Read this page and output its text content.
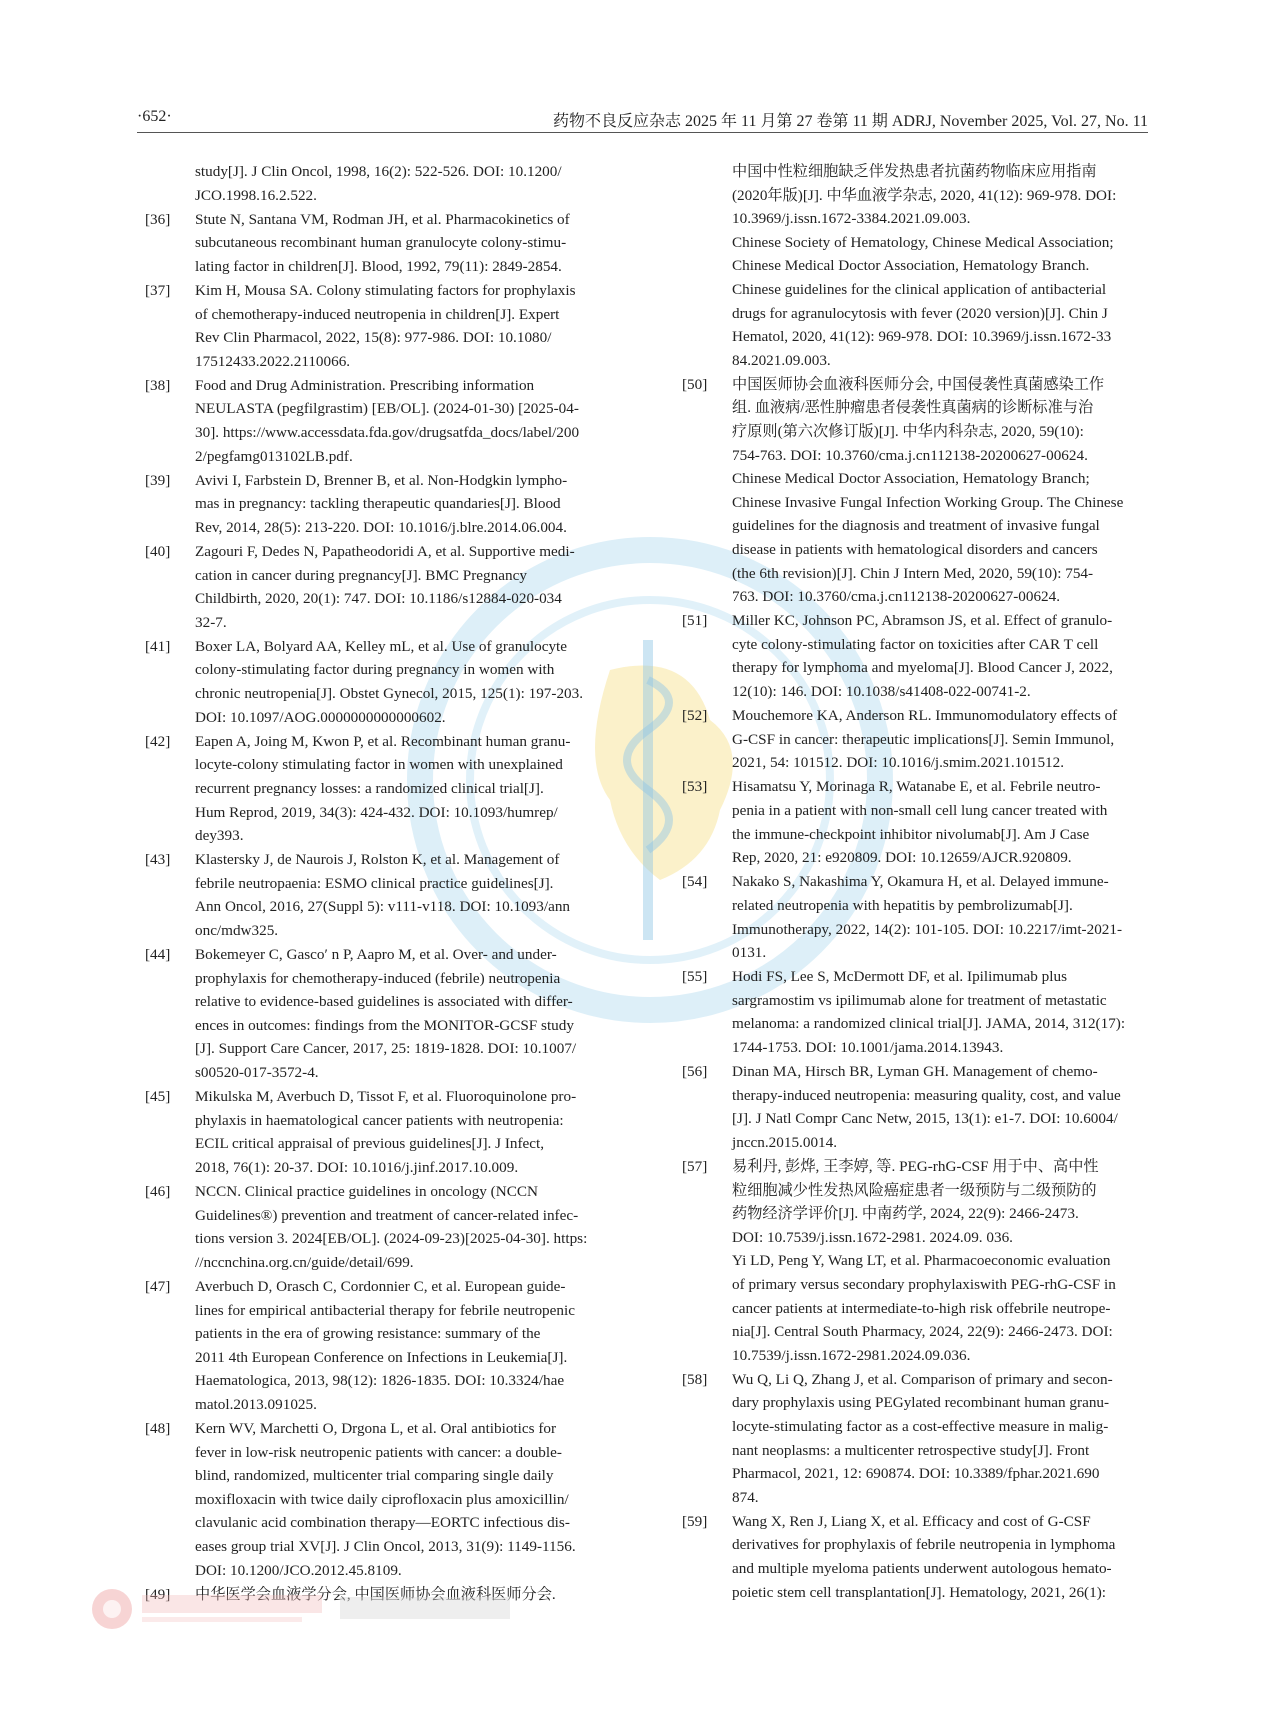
·652·	药物不良反应杂志 2025 年 11 月第 27 卷第 11 期 ADRJ, November 2025, Vol. 27, No. 11
study[J]. J Clin Oncol, 1998, 16(2): 522-526. DOI: 10.1200/
JCO.1998.16.2.522.
[36] Stute N, Santana VM, Rodman JH, et al. Pharmacokinetics of
subcutaneous recombinant human granulocyte colony-stimu-
lating factor in children[J]. Blood, 1992, 79(11): 2849-2854.
[37] Kim H, Mousa SA. Colony stimulating factors for prophylaxis
of chemotherapy-induced neutropenia in children[J]. Expert
Rev Clin Pharmacol, 2022, 15(8): 977-986. DOI: 10.1080/
17512433.2022.2110066.
[38] Food and Drug Administration. Prescribing information
NEULASTA (pegfilgrastim) [EB/OL]. (2024-01-30) [2025-04-
30]. https://www.accessdata.fda.gov/drugsatfda_docs/label/200
2/pegfamg013102LB.pdf.
[39] Avivi I, Farbstein D, Brenner B, et al. Non-Hodgkin lympho-
mas in pregnancy: tackling therapeutic quandaries[J]. Blood
Rev, 2014, 28(5): 213-220. DOI: 10.1016/j.blre.2014.06.004.
[40] Zagouri F, Dedes N, Papatheodoridi A, et al. Supportive medi-
cation in cancer during pregnancy[J]. BMC Pregnancy
Childbirth, 2020, 20(1): 747. DOI: 10.1186/s12884-020-034
32-7.
[41] Boxer LA, Bolyard AA, Kelley mL, et al. Use of granulocyte
colony-stimulating factor during pregnancy in women with
chronic neutropenia[J]. Obstet Gynecol, 2015, 125(1): 197-203.
DOI: 10.1097/AOG.0000000000000602.
[42] Eapen A, Joing M, Kwon P, et al. Recombinant human granu-
locyte-colony stimulating factor in women with unexplained
recurrent pregnancy losses: a randomized clinical trial[J].
Hum Reprod, 2019, 34(3): 424-432. DOI: 10.1093/humrep/
dey393.
[43] Klastersky J, de Naurois J, Rolston K, et al. Management of
febrile neutropaenia: ESMO clinical practice guidelines[J].
Ann Oncol, 2016, 27(Suppl 5): v111-v118. DOI: 10.1093/ann
onc/mdw325.
[44] Bokemeyer C, Gasco′ n P, Aapro M, et al. Over- and under-
prophylaxis for chemotherapy-induced (febrile) neutropenia
relative to evidence-based guidelines is associated with differ-
ences in outcomes: findings from the MONITOR-GCSF study
[J]. Support Care Cancer, 2017, 25: 1819-1828. DOI: 10.1007/
s00520-017-3572-4.
[45] Mikulska M, Averbuch D, Tissot F, et al. Fluoroquinolone pro-
phylaxis in haematological cancer patients with neutropenia:
ECIL critical appraisal of previous guidelines[J]. J Infect,
2018, 76(1): 20-37. DOI: 10.1016/j.jinf.2017.10.009.
[46] NCCN. Clinical practice guidelines in oncology (NCCN
Guidelines®) prevention and treatment of cancer-related infec-
tions version 3. 2024[EB/OL]. (2024-09-23)[2025-04-30]. https:
//nccnchina.org.cn/guide/detail/699.
[47] Averbuch D, Orasch C, Cordonnier C, et al. European guide-
lines for empirical antibacterial therapy for febrile neutropenic
patients in the era of growing resistance: summary of the
2011 4th European Conference on Infections in Leukemia[J].
Haematologica, 2013, 98(12): 1826-1835. DOI: 10.3324/hae
matol.2013.091025.
[48] Kern WV, Marchetti O, Drgona L, et al. Oral antibiotics for
fever in low-risk neutropenic patients with cancer: a double-
blind, randomized, multicenter trial comparing single daily
moxifloxacin with twice daily ciprofloxacin plus amoxicillin/
clavulanic acid combination therapy—EORTC infectious dis-
eases group trial XV[J]. J Clin Oncol, 2013, 31(9): 1149-1156.
DOI: 10.1200/JCO.2012.45.8109.
[49] 中华医学会血液学分会, 中国医师协会血液科医师分会.
中国中性粒细胞缺乏伴发热患者抗菌药物临床应用指南
(2020年版)[J]. 中华血液学杂志, 2020, 41(12): 969-978. DOI:
10.3969/j.issn.1672-3384.2021.09.003.
Chinese Society of Hematology, Chinese Medical Association;
Chinese Medical Doctor Association, Hematology Branch.
Chinese guidelines for the clinical application of antibacterial
drugs for agranulocytosis with fever (2020 version)[J]. Chin J
Hematol, 2020, 41(12): 969-978. DOI: 10.3969/j.issn.1672-33
84.2021.09.003.
[50] 中国医师协会血液科医师分会, 中国侵袭性真菌感染工作
组. 血液病/恶性肿瘤患者侵袭性真菌病的诊断标准与治
疗原则(第六次修订版)[J]. 中华内科杂志, 2020, 59(10):
754-763. DOI: 10.3760/cma.j.cn112138-20200627-00624.
Chinese Medical Doctor Association, Hematology Branch;
Chinese Invasive Fungal Infection Working Group. The Chinese
guidelines for the diagnosis and treatment of invasive fungal
disease in patients with hematological disorders and cancers
(the 6th revision)[J]. Chin J Intern Med, 2020, 59(10): 754-
763. DOI: 10.3760/cma.j.cn112138-20200627-00624.
[51] Miller KC, Johnson PC, Abramson JS, et al. Effect of granulo-
cyte colony-stimulating factor on toxicities after CAR T cell
therapy for lymphoma and myeloma[J]. Blood Cancer J, 2022,
12(10): 146. DOI: 10.1038/s41408-022-00741-2.
[52] Mouchemore KA, Anderson RL. Immunomodulatory effects of
G-CSF in cancer: therapeutic implications[J]. Semin Immunol,
2021, 54: 101512. DOI: 10.1016/j.smim.2021.101512.
[53] Hisamatsu Y, Morinaga R, Watanabe E, et al. Febrile neutro-
penia in a patient with non-small cell lung cancer treated with
the immune-checkpoint inhibitor nivolumab[J]. Am J Case
Rep, 2020, 21: e920809. DOI: 10.12659/AJCR.920809.
[54] Nakako S, Nakashima Y, Okamura H, et al. Delayed immune-
related neutropenia with hepatitis by pembrolizumab[J].
Immunotherapy, 2022, 14(2): 101-105. DOI: 10.2217/imt-2021-
0131.
[55] Hodi FS, Lee S, McDermott DF, et al. Ipilimumab plus
sargramostim vs ipilimumab alone for treatment of metastatic
melanoma: a randomized clinical trial[J]. JAMA, 2014, 312(17):
1744-1753. DOI: 10.1001/jama.2014.13943.
[56] Dinan MA, Hirsch BR, Lyman GH. Management of chemo-
therapy-induced neutropenia: measuring quality, cost, and value
[J]. J Natl Compr Canc Netw, 2015, 13(1): e1-7. DOI: 10.6004/
jnccn.2015.0014.
[57] 易利丹, 彭烨, 王李婷, 等. PEG-rhG-CSF 用于中、高中性
粒细胞减少性发热风险癌症患者一级预防与二级预防的
药物经济学评价[J]. 中南药学, 2024, 22(9): 2466-2473.
DOI: 10.7539/j.issn.1672-2981. 2024.09. 036.
Yi LD, Peng Y, Wang LT, et al. Pharmacoeconomic evaluation
of primary versus secondary prophylaxiswith PEG-rhG-CSF in
cancer patients at intermediate-to-high risk offebrile neutrope-
nia[J]. Central South Pharmacy, 2024, 22(9): 2466-2473. DOI:
10.7539/j.issn.1672-2981.2024.09.036.
[58] Wu Q, Li Q, Zhang J, et al. Comparison of primary and secon-
dary prophylaxis using PEGylated recombinant human granu-
locyte-stimulating factor as a cost-effective measure in malig-
nant neoplasms: a multicenter retrospective study[J]. Front
Pharmacol, 2021, 12: 690874. DOI: 10.3389/fphar.2021.690
874.
[59] Wang X, Ren J, Liang X, et al. Efficacy and cost of G-CSF
derivatives for prophylaxis of febrile neutropenia in lymphoma
and multiple myeloma patients underwent autologous hemato-
poietic stem cell transplantation[J]. Hematology, 2021, 26(1):
